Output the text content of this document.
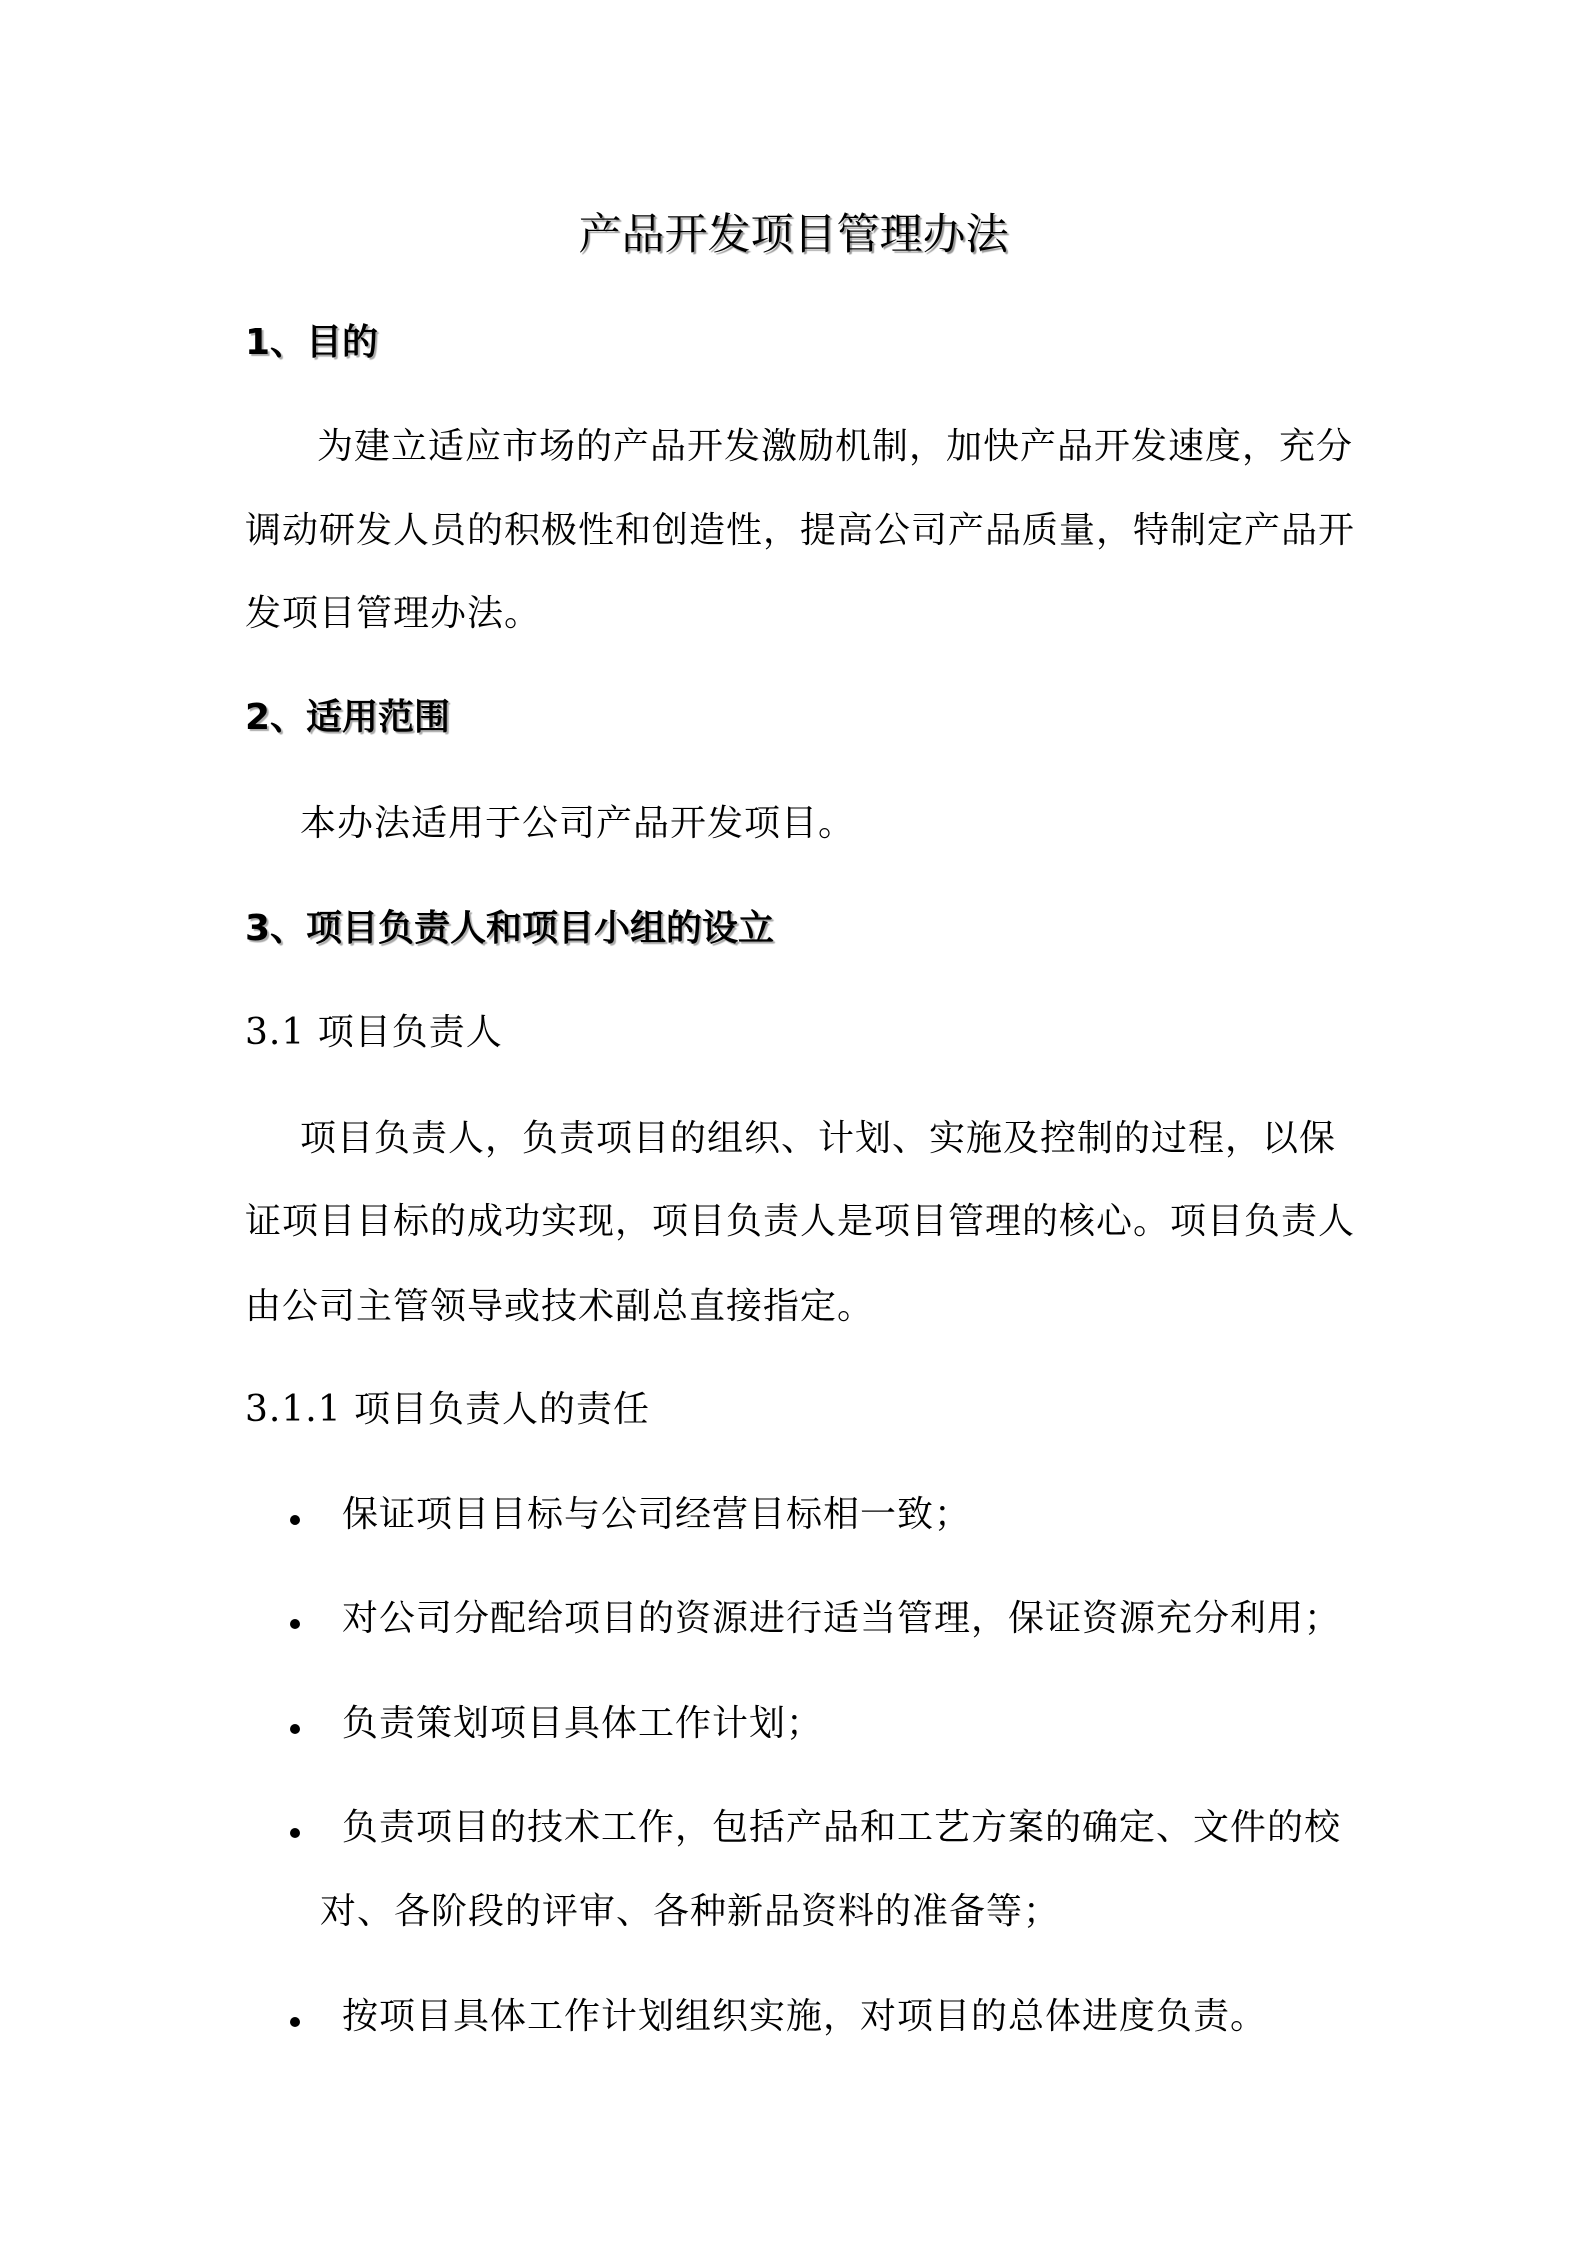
产品开发项目管理办法
1、目的
为建立适应市场的产品开发激励机制，加快产品开发速度，充分
调动研发人员的积极性和创造性，提高公司产品质量，特制定产品开
发项目管理办法。
2、适用范围
本办法适用于公司产品开发项目。
3、项目负责人和项目小组的设立
3.1 项目负责人
项目负责人，负责项目的组织、计划、实施及控制的过程，以保
证项目目标的成功实现，项目负责人是项目管理的核心。项目负责人
由公司主管领导或技术副总直接指定。
3.1.1 项目负责人的责任
保证项目目标与公司经营目标相一致；
对公司分配给项目的资源进行适当管理，保证资源充分利用；
负责策划项目具体工作计划；
负责项目的技术工作，包括产品和工艺方案的确定、文件的校
对、各阶段的评审、各种新品资料的准备等；
按项目具体工作计划组织实施，对项目的总体进度负责。
